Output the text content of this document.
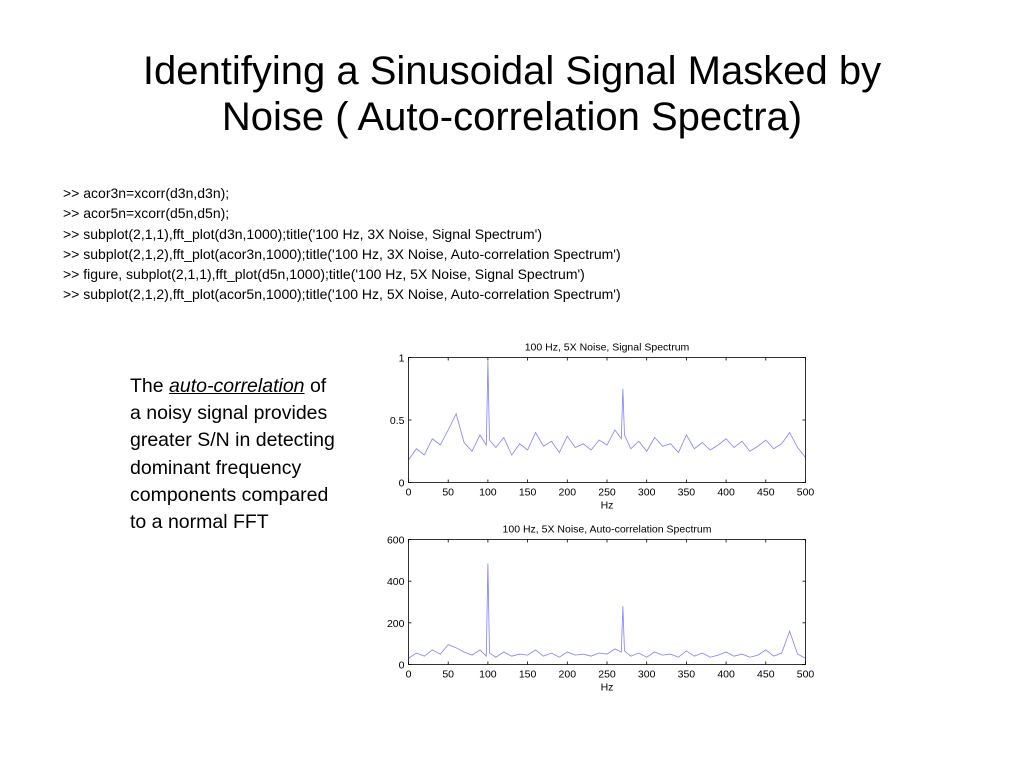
Identifying a Sinusoidal Signal Masked by
Noise ( Auto-correlation Spectra)
>> acor3n=xcorr(d3n,d3n);
>> acor5n=xcorr(d5n,d5n);
>> subplot(2,1,1),fft_plot(d3n,1000);title('100 Hz, 3X Noise, Signal Spectrum')
>> subplot(2,1,2),fft_plot(acor3n,1000);title('100 Hz, 3X Noise, Auto-correlation Spectrum')
>> figure, subplot(2,1,1),fft_plot(d5n,1000);title('100 Hz, 5X Noise, Signal Spectrum')
>> subplot(2,1,2),fft_plot(acor5n,1000);title('100 Hz, 5X Noise, Auto-correlation Spectrum')
The auto-correlation of a noisy signal provides greater S/N in detecting dominant frequency components compared to a normal FFT
100 Hz, 5X Noise, Signal Spectrum
0	50 100 150 200 250 300 350 400 450 500
0
0.5
1
Hz
100 Hz, 5X Noise, Auto-correlation Spectrum
0	50 100 150 200 250 300 350 400 450 500
0
200
400
600
Hz
